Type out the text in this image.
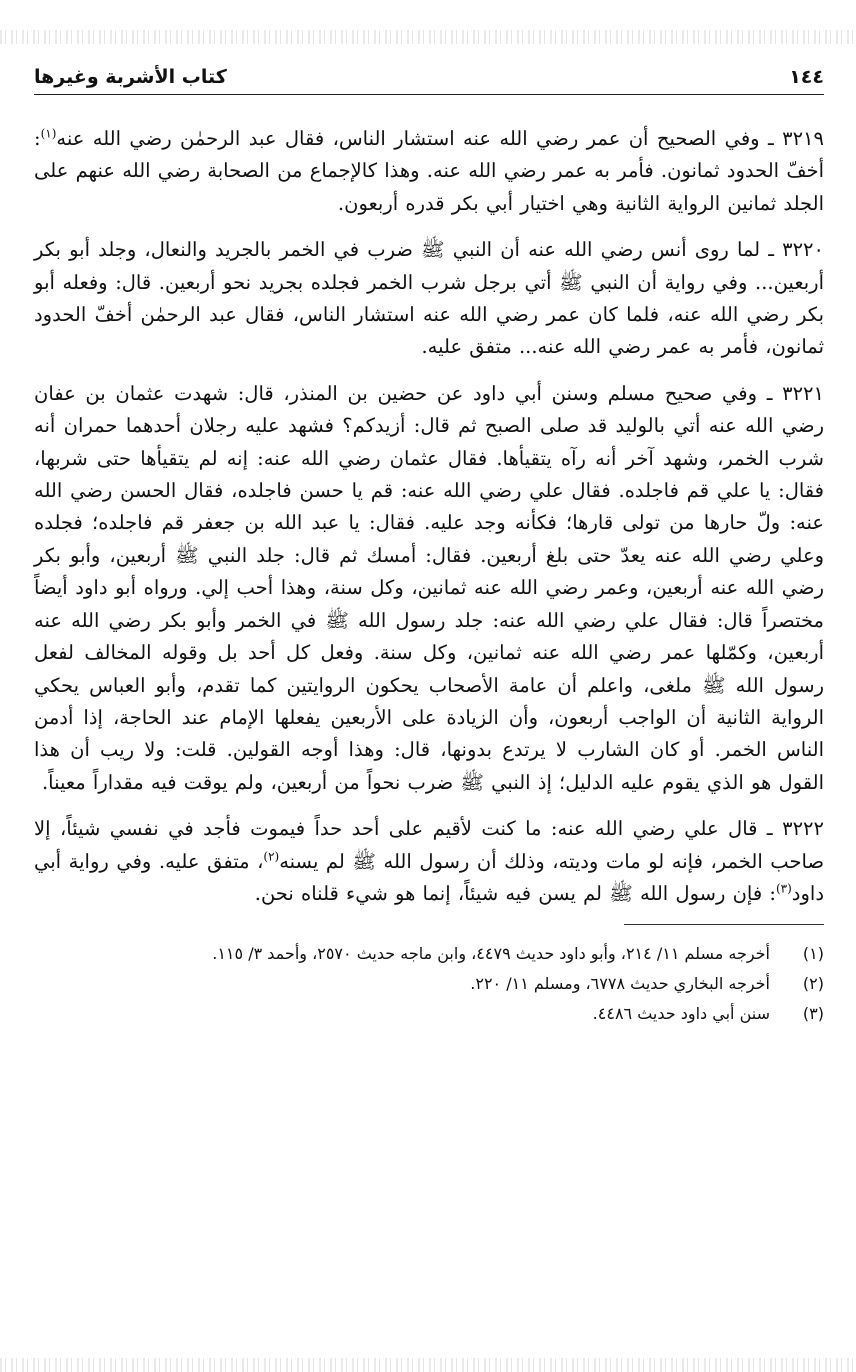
١٤٤
كتاب الأشربة وغيرها

٣٢١٩ ـ وفي الصحيح أن عمر رضي الله عنه استشار الناس، فقال عبد الرحمٰن رضي الله عنه$^{(١)}$: أخفّ الحدود ثمانون. فأمر به عمر رضي الله عنه. وهذا كالإجماع من الصحابة رضي الله عنهم على الجلد ثمانين الرواية الثانية وهي اختيار أبي بكر قدره أربعون.

٣٢٢٠ ـ لما روى أنس رضي الله عنه أن النبي ﷺ ضرب في الخمر بالجريد والنعال، وجلد أبو بكر أربعين... وفي رواية أن النبي ﷺ أتي برجل شرب الخمر فجلده بجريد نحو أربعين. قال: وفعله أبو بكر رضي الله عنه، فلما كان عمر رضي الله عنه استشار الناس، فقال عبد الرحمٰن أخفّ الحدود ثمانون، فأمر به عمر رضي الله عنه... متفق عليه.

٣٢٢١ ـ وفي صحيح مسلم وسنن أبي داود عن حضين بن المنذر، قال: شهدت عثمان بن عفان رضي الله عنه أتي بالوليد قد صلى الصبح ثم قال: أزيدكم؟ فشهد عليه رجلان أحدهما حمران أنه شرب الخمر، وشهد آخر أنه رآه يتقيأها. فقال عثمان رضي الله عنه: إنه لم يتقيأها حتى شربها، فقال: يا علي قم فاجلده. فقال علي رضي الله عنه: قم يا حسن فاجلده، فقال الحسن رضي الله عنه: ولّ حارها من تولى قارها؛ فكأنه وجد عليه. فقال: يا عبد الله بن جعفر قم فاجلده؛ فجلده وعلي رضي الله عنه يعدّ حتى بلغ أربعين. فقال: أمسك ثم قال: جلد النبي ﷺ أربعين، وأبو بكر رضي الله عنه أربعين، وعمر رضي الله عنه ثمانين، وكل سنة، وهذا أحب إلي. ورواه أبو داود أيضاً مختصراً قال: فقال علي رضي الله عنه: جلد رسول الله ﷺ في الخمر وأبو بكر رضي الله عنه أربعين، وكمّلها عمر رضي الله عنه ثمانين، وكل سنة. وفعل كل أحد بل وقوله المخالف لفعل رسول الله ﷺ ملغى، واعلم أن عامة الأصحاب يحكون الروايتين كما تقدم، وأبو العباس يحكي الرواية الثانية أن الواجب أربعون، وأن الزيادة على الأربعين يفعلها الإمام عند الحاجة، إذا أدمن الناس الخمر. أو كان الشارب لا يرتدع بدونها، قال: وهذا أوجه القولين. قلت: ولا ريب أن هذا القول هو الذي يقوم عليه الدليل؛ إذ النبي ﷺ ضرب نحواً من أربعين، ولم يوقت فيه مقداراً معيناً.

٣٢٢٢ ـ قال علي رضي الله عنه: ما كنت لأقيم على أحد حداً فيموت فأجد في نفسي شيئاً، إلا صاحب الخمر، فإنه لو مات وديته، وذلك أن رسول الله ﷺ لم يسنه$^{(٢)}$، متفق عليه. وفي رواية أبي داود$^{(٣)}$: فإن رسول الله ﷺ لم يسن فيه شيئاً، إنما هو شيء قلناه نحن.

(١)
أخرجه مسلم ١١/ ٢١٤، وأبو داود حديث ٤٤٧٩، وابن ماجه حديث ٢٥٧٠، وأحمد ٣/ ١١٥.
(٢)
أخرجه البخاري حديث ٦٧٧٨، ومسلم ١١/ ٢٢٠.
(٣)
سنن أبي داود حديث ٤٤٨٦.
